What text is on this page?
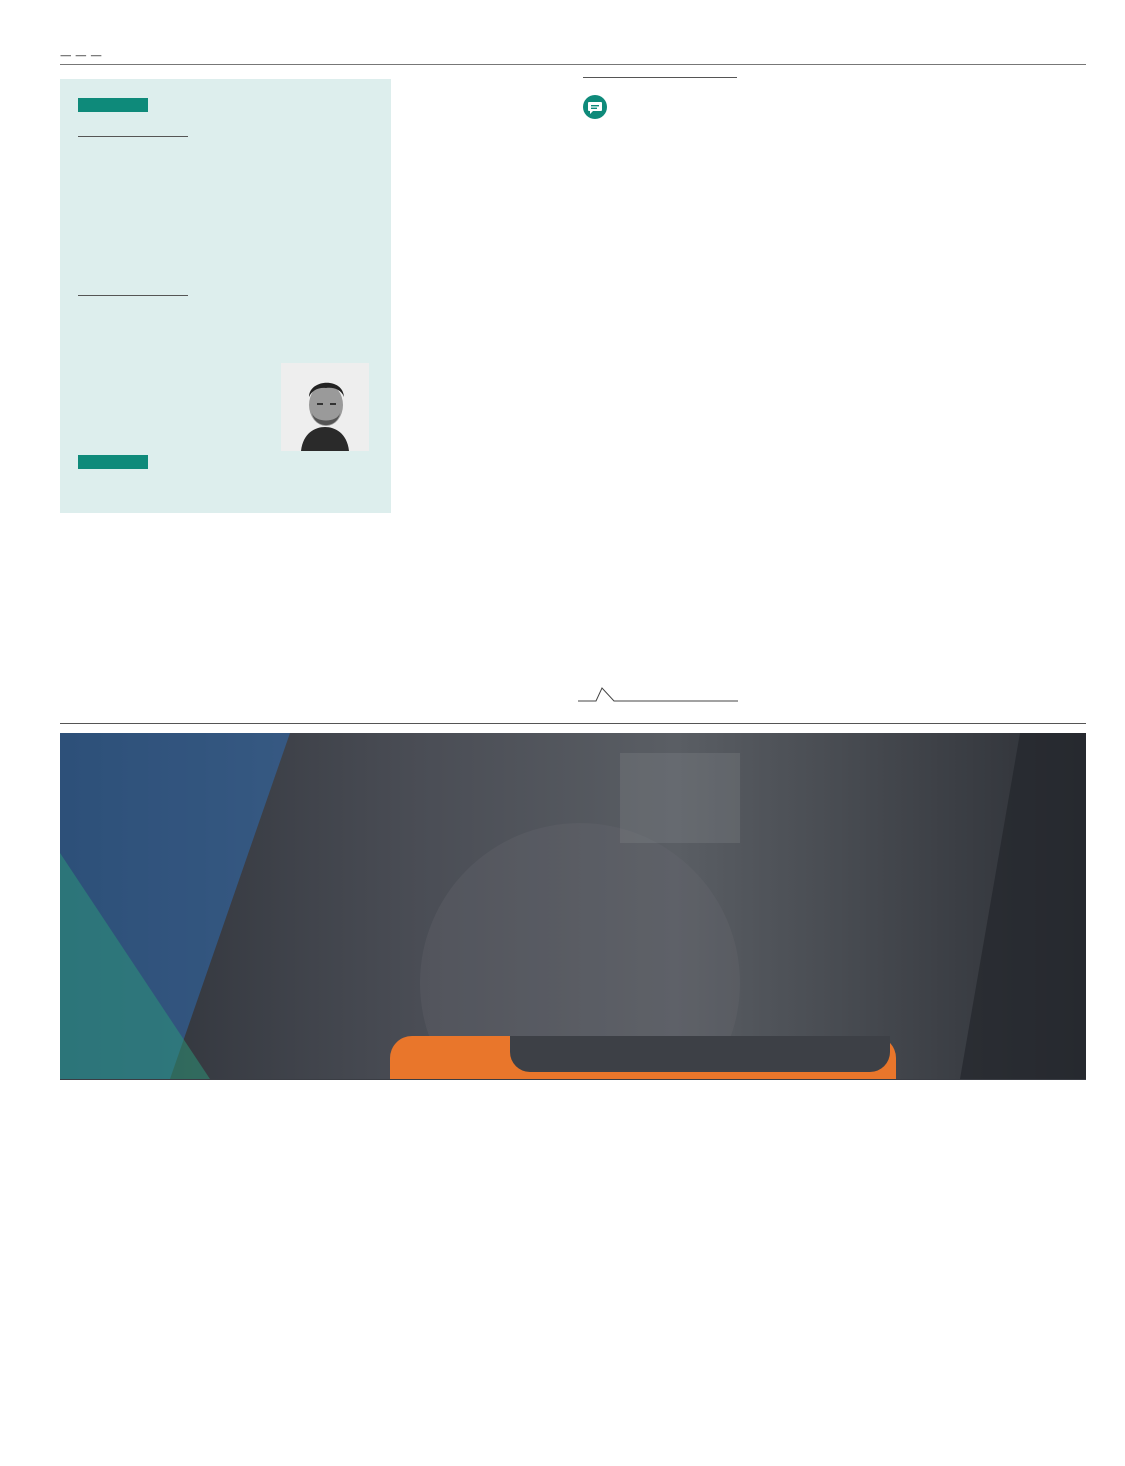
— — —
